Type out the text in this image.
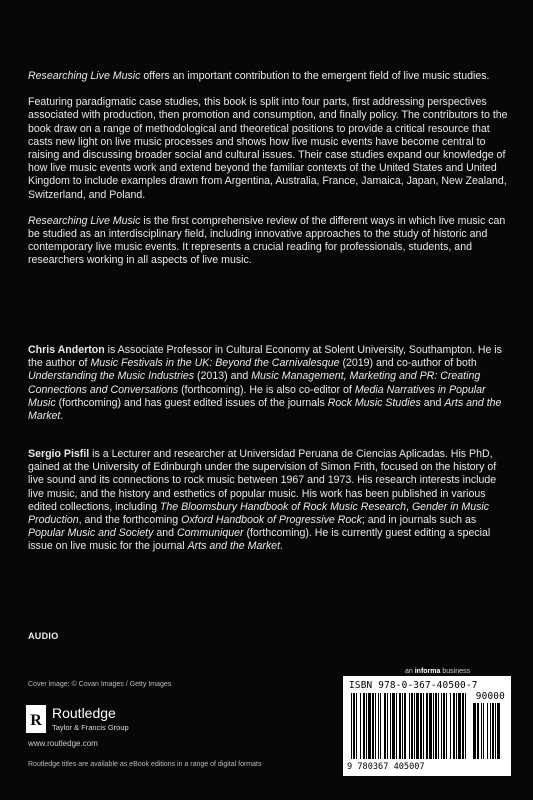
Researching Live Music offers an important contribution to the emergent field of live music studies.

Featuring paradigmatic case studies, this book is split into four parts, first addressing perspectives associated with production, then promotion and consumption, and finally policy. The contributors to the book draw on a range of methodological and theoretical positions to provide a critical resource that casts new light on live music processes and shows how live music events have become central to raising and discussing broader social and cultural issues. Their case studies expand our knowledge of how live music events work and extend beyond the familiar contexts of the United States and United Kingdom to include examples drawn from Argentina, Australia, France, Jamaica, Japan, New Zealand, Switzerland, and Poland.

Researching Live Music is the first comprehensive review of the different ways in which live music can be studied as an interdisciplinary field, including innovative approaches to the study of historic and contemporary live music events. It represents a crucial reading for professionals, students, and researchers working in all aspects of live music.

Chris Anderton is Associate Professor in Cultural Economy at Solent University, Southampton. He is the author of Music Festivals in the UK: Beyond the Carnivalesque (2019) and co-author of both Understanding the Music Industries (2013) and Music Management, Marketing and PR: Creating Connections and Conversations (forthcoming). He is also co-editor of Media Narratives in Popular Music (forthcoming) and has guest edited issues of the journals Rock Music Studies and Arts and the Market.

Sergio Pisfil is a Lecturer and researcher at Universidad Peruana de Ciencias Aplicadas. His PhD, gained at the University of Edinburgh under the supervision of Simon Frith, focused on the history of live sound and its connections to rock music between 1967 and 1973. His research interests include live music, and the history and esthetics of popular music. His work has been published in various edited collections, including The Bloomsbury Handbook of Rock Music Research, Gender in Music Production, and the forthcoming Oxford Handbook of Progressive Rock; and in journals such as Popular Music and Society and Communiquer (forthcoming). He is currently guest editing a special issue on live music for the journal Arts and the Market.

AUDIO
an informa business
Cover image: © Covan Images / Getty Images
R Routledge
Taylor & Francis Group
www.routledge.com
Routledge titles are available as eBook editions in a range of digital formats
ISBN 978-0-367-40500-7

90000
9 780367 405007
